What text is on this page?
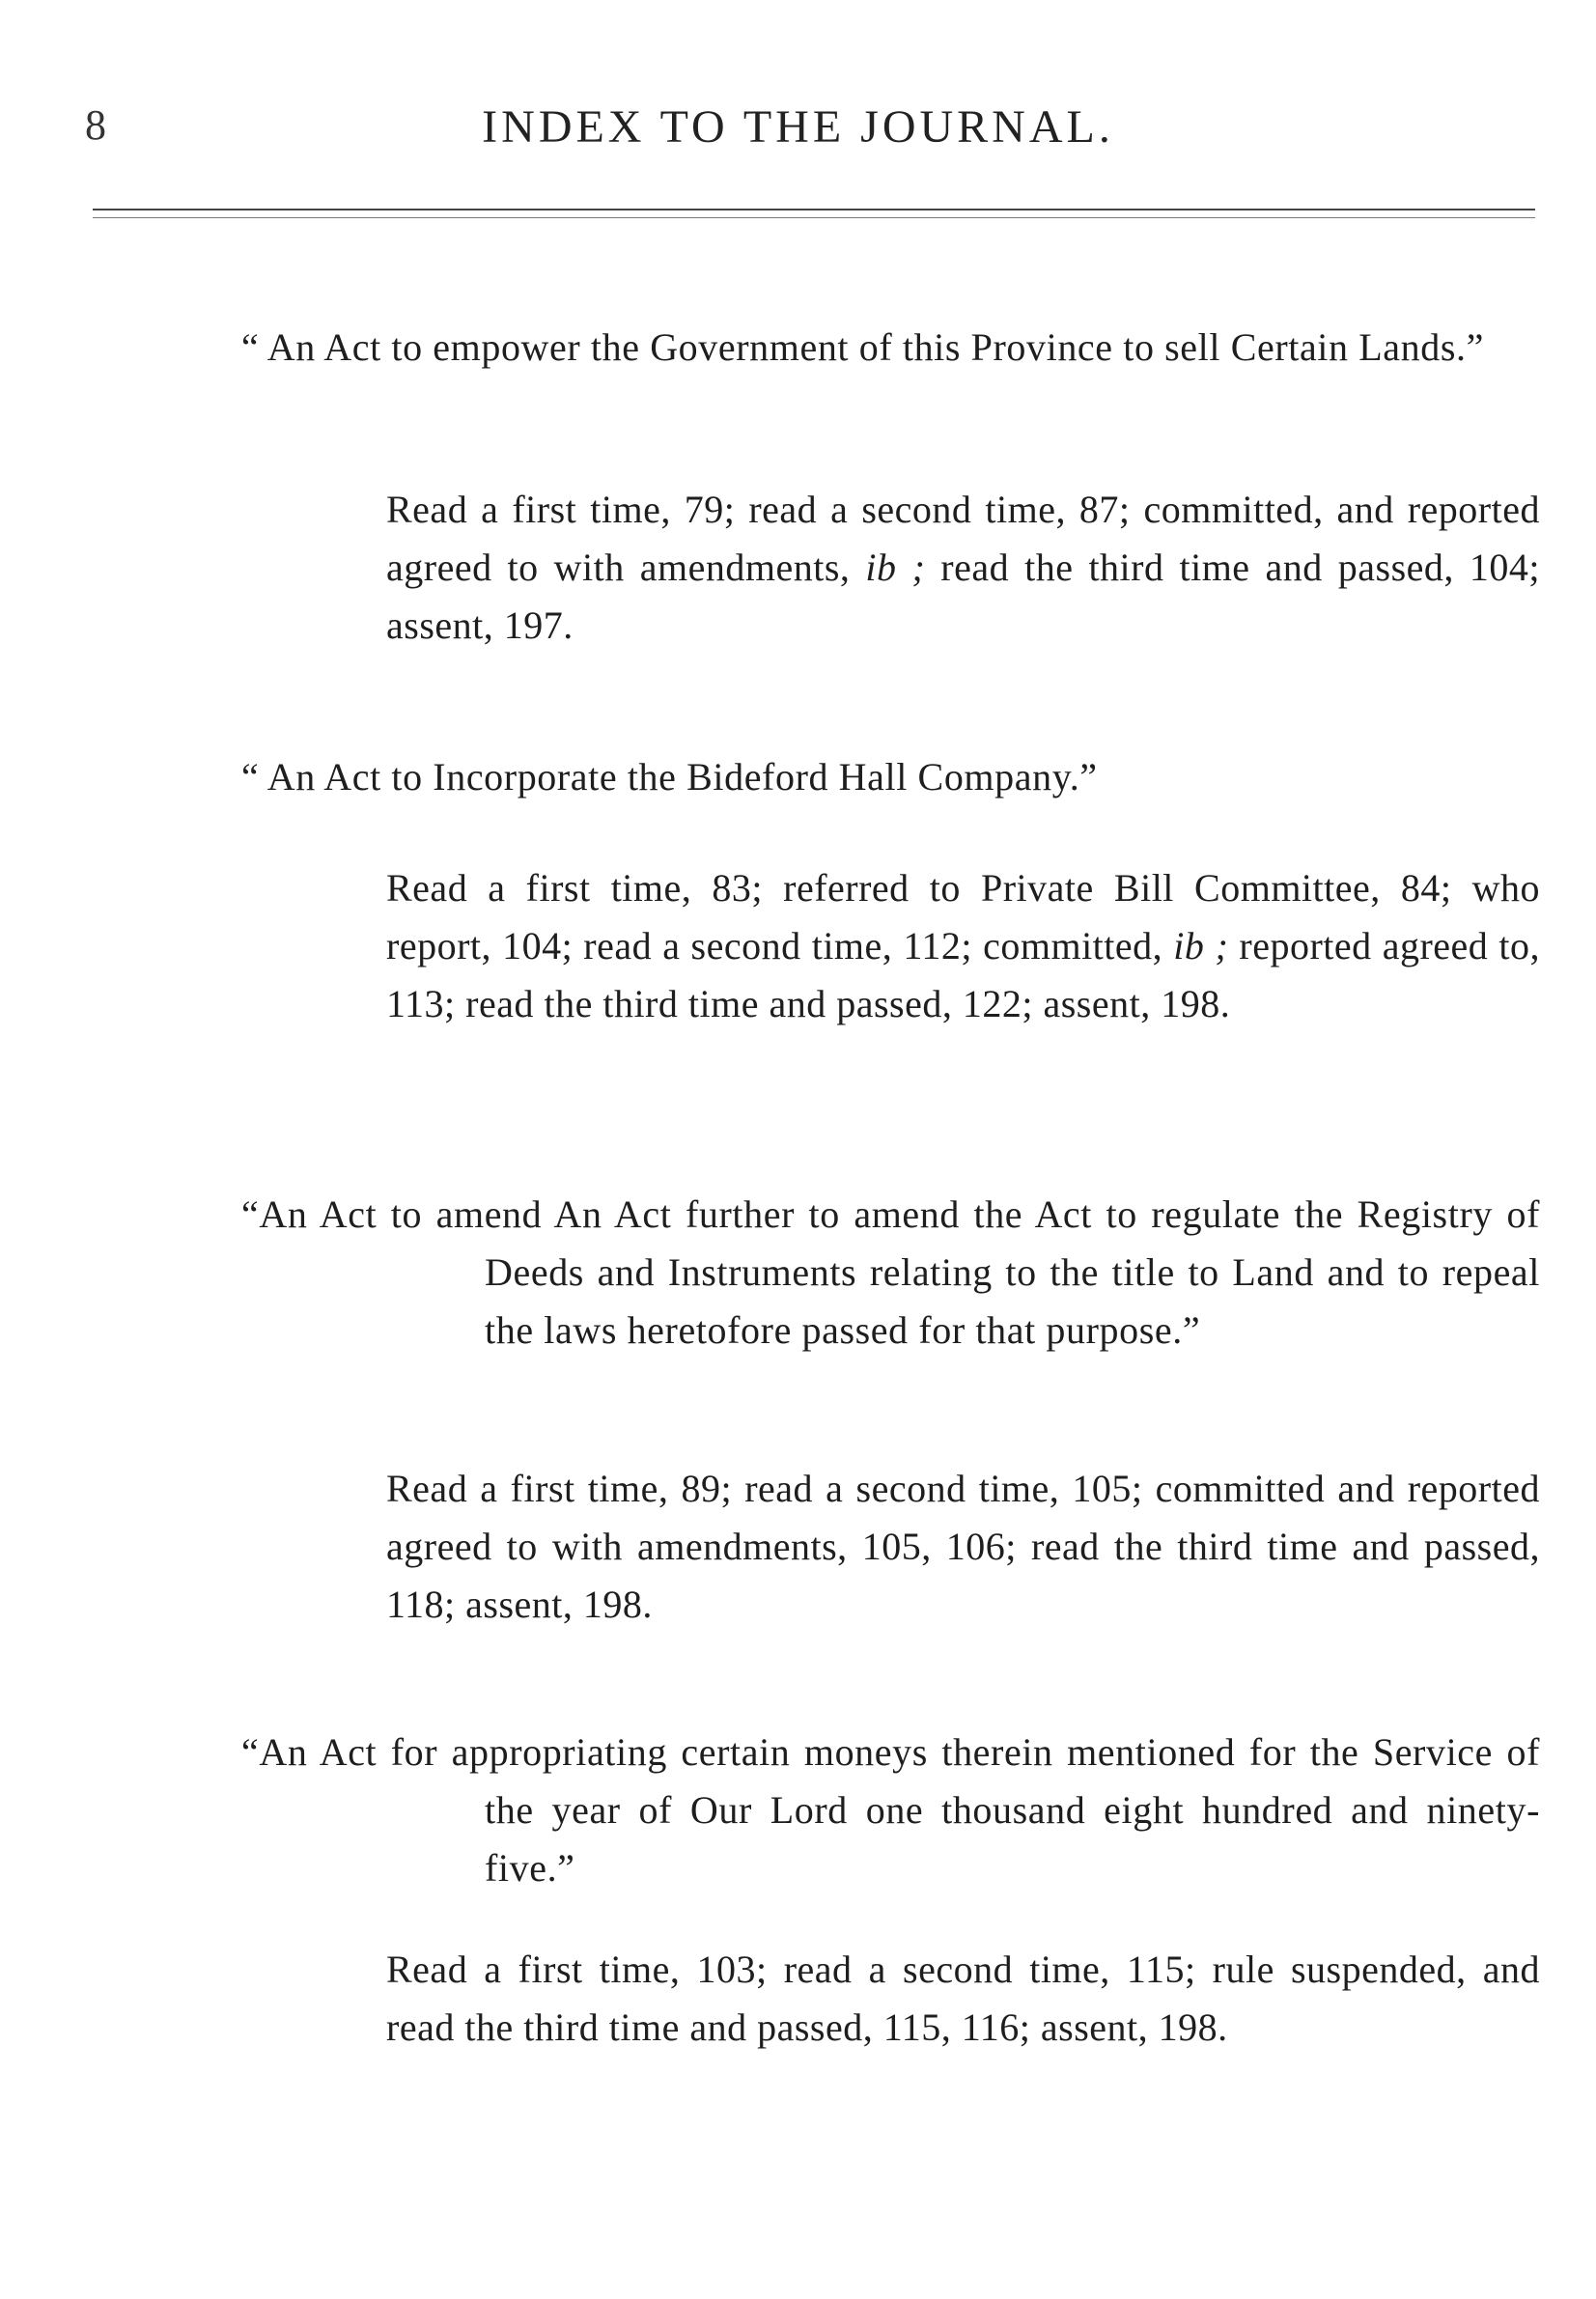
8	INDEX TO THE JOURNAL.

“ An Act to empower the Government of this Province to sell Certain Lands.”

Read a first time, 79; read a second time, 87; committed, and reported agreed to with amendments, ib ; read the third time and passed, 104; assent, 197.

“ An Act to Incorporate the Bideford Hall Company.”

Read a first time, 83; referred to Private Bill Committee, 84; who report, 104; read a second time, 112; committed, ib ; reported agreed to, 113; read the third time and passed, 122; assent, 198.

“An Act to amend An Act further to amend the Act to regulate the Registry of Deeds and Instruments relating to the title to Land and to repeal the laws heretofore passed for that purpose.”

Read a first time, 89; read a second time, 105; committed and reported agreed to with amendments, 105, 106; read the third time and passed, 118; assent, 198.

“An Act for appropriating certain moneys therein mentioned for the Service of the year of Our Lord one thousand eight hundred and ninety-five.”

Read a first time, 103; read a second time, 115; rule suspended, and read the third time and passed, 115, 116; assent, 198.
